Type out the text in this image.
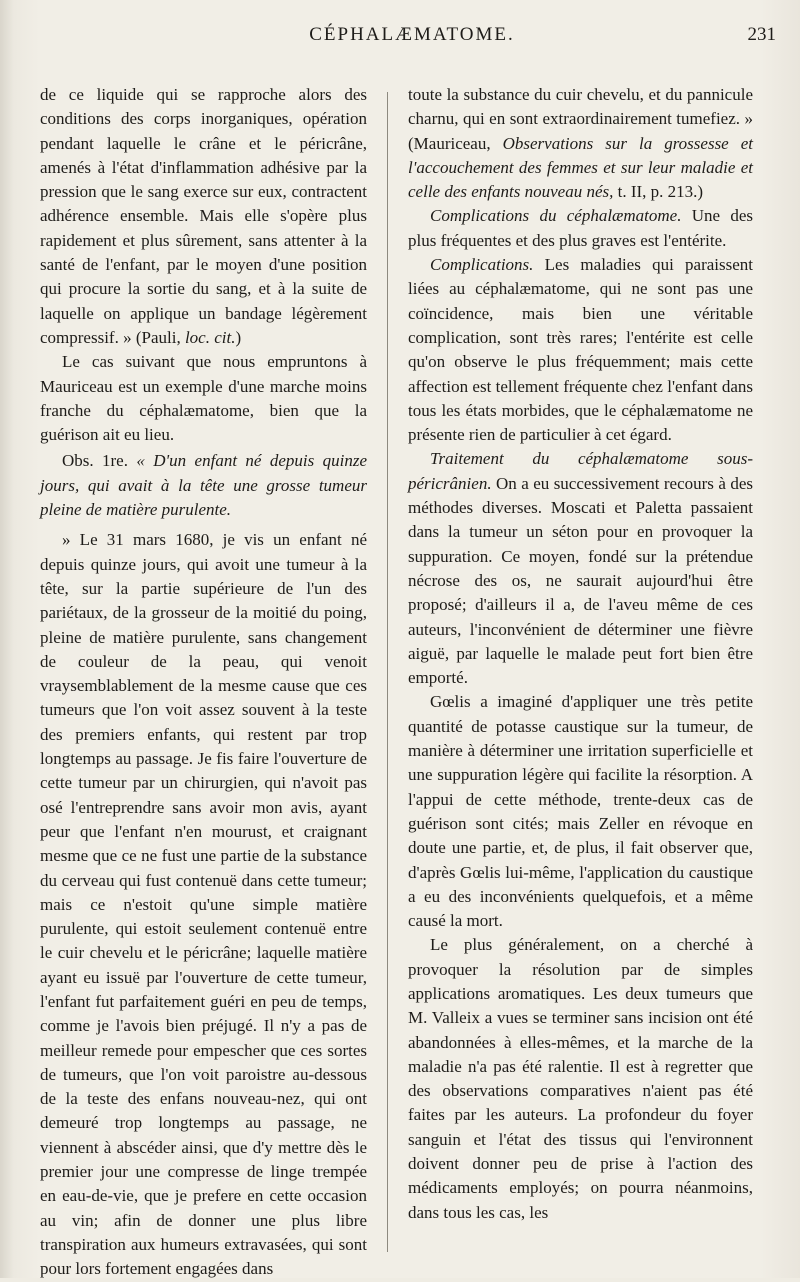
CÉPHALÆMATOME.	231

de ce liquide qui se rapproche alors des conditions des corps inorganiques, opération pendant laquelle le crâne et le péricrâne, amenés à l'état d'inflammation adhésive par la pression que le sang exerce sur eux, contractent adhérence ensemble. Mais elle s'opère plus rapidement et plus sûrement, sans attenter à la santé de l'enfant, par le moyen d'une position qui procure la sortie du sang, et à la suite de laquelle on applique un bandage légèrement compressif. » (Pauli, loc. cit.)

Le cas suivant que nous empruntons à Mauriceau est un exemple d'une marche moins franche du céphalæmatome, bien que la guérison ait eu lieu.

Obs. 1re. « D'un enfant né depuis quinze jours, qui avait à la tête une grosse tumeur pleine de matière purulente.

» Le 31 mars 1680, je vis un enfant né depuis quinze jours, qui avoit une tumeur à la tête, sur la partie supérieure de l'un des pariétaux, de la grosseur de la moitié du poing, pleine de matière purulente, sans changement de couleur de la peau, qui venoit vraysemblablement de la mesme cause que ces tumeurs que l'on voit assez souvent à la teste des premiers enfants, qui restent par trop longtemps au passage. Je fis faire l'ouverture de cette tumeur par un chirurgien, qui n'avoit pas osé l'entreprendre sans avoir mon avis, ayant peur que l'enfant n'en mourust, et craignant mesme que ce ne fust une partie de la substance du cerveau qui fust contenuë dans cette tumeur; mais ce n'estoit qu'une simple matière purulente, qui estoit seulement contenuë entre le cuir chevelu et le péricrâne; laquelle matière ayant eu issuë par l'ouverture de cette tumeur, l'enfant fut parfaitement guéri en peu de temps, comme je l'avois bien préjugé. Il n'y a pas de meilleur remede pour empescher que ces sortes de tumeurs, que l'on voit paroistre au-dessous de la teste des enfans nouveau-nez, qui ont demeuré trop longtemps au passage, ne viennent à abscéder ainsi, que d'y mettre dès le premier jour une compresse de linge trempée en eau-de-vie, que je prefere en cette occasion au vin; afin de donner une plus libre transpiration aux humeurs extravasées, qui sont pour lors fortement engagées dans

toute la substance du cuir chevelu, et du pannicule charnu, qui en sont extraordinairement tumefiez. » (Mauriceau, Observations sur la grossesse et l'accouchement des femmes et sur leur maladie et celle des enfants nouveau nés, t. II, p. 213.)

Complications du céphalæmatome. Une des plus fréquentes et des plus graves est l'entérite.

Complications. Les maladies qui paraissent liées au céphalæmatome, qui ne sont pas une coïncidence, mais bien une véritable complication, sont très rares; l'entérite est celle qu'on observe le plus fréquemment; mais cette affection est tellement fréquente chez l'enfant dans tous les états morbides, que le céphalæmatome ne présente rien de particulier à cet égard.

Traitement du céphalæmatome sous-péricrânien. On a eu successivement recours à des méthodes diverses. Moscati et Paletta passaient dans la tumeur un séton pour en provoquer la suppuration. Ce moyen, fondé sur la prétendue nécrose des os, ne saurait aujourd'hui être proposé; d'ailleurs il a, de l'aveu même de ces auteurs, l'inconvénient de déterminer une fièvre aiguë, par laquelle le malade peut fort bien être emporté.

Gœlis a imaginé d'appliquer une très petite quantité de potasse caustique sur la tumeur, de manière à déterminer une irritation superficielle et une suppuration légère qui facilite la résorption. A l'appui de cette méthode, trente-deux cas de guérison sont cités; mais Zeller en révoque en doute une partie, et, de plus, il fait observer que, d'après Gœlis lui-même, l'application du caustique a eu des inconvénients quelquefois, et a même causé la mort.

Le plus généralement, on a cherché à provoquer la résolution par de simples applications aromatiques. Les deux tumeurs que M. Valleix a vues se terminer sans incision ont été abandonnées à elles-mêmes, et la marche de la maladie n'a pas été ralentie. Il est à regretter que des observations comparatives n'aient pas été faites par les auteurs. La profondeur du foyer sanguin et l'état des tissus qui l'environnent doivent donner peu de prise à l'action des médicaments employés; on pourra néanmoins, dans tous les cas, les
